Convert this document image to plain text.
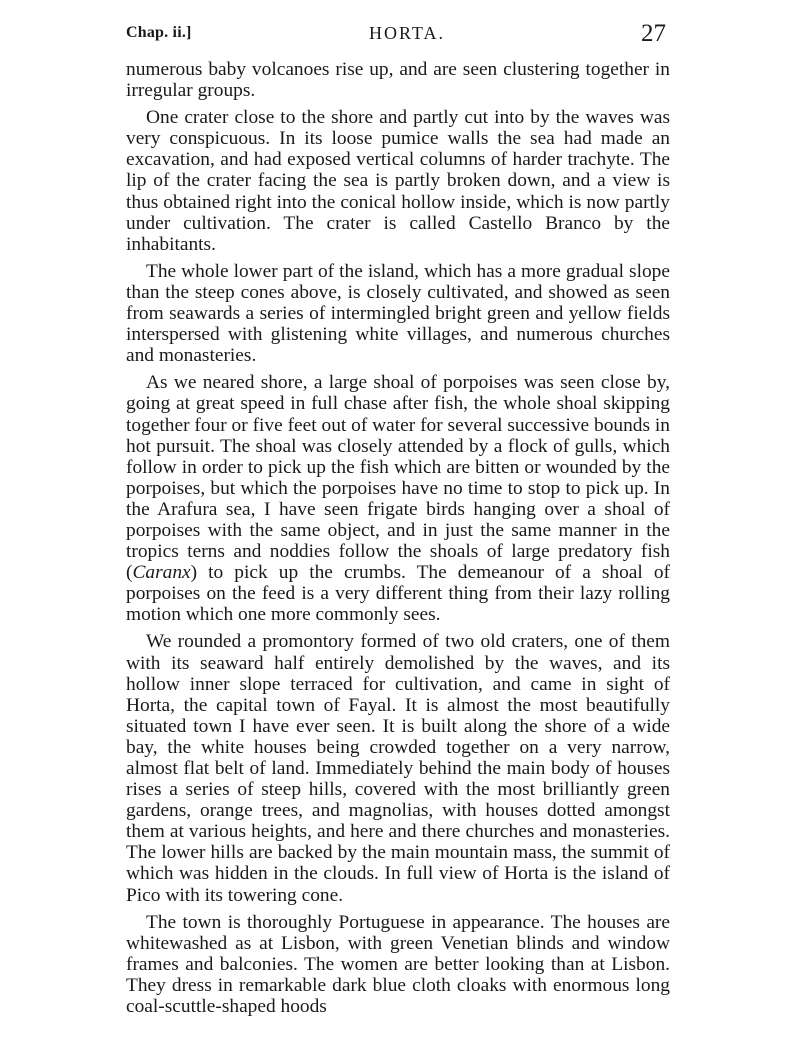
Chap. ii.]	HORTA.	27

numerous baby volcanoes rise up, and are seen clustering together in irregular groups.

One crater close to the shore and partly cut into by the waves was very conspicuous. In its loose pumice walls the sea had made an excavation, and had exposed vertical columns of harder trachyte. The lip of the crater facing the sea is partly broken down, and a view is thus obtained right into the conical hollow inside, which is now partly under cultivation. The crater is called Castello Branco by the inhabitants.

The whole lower part of the island, which has a more gradual slope than the steep cones above, is closely cultivated, and showed as seen from seawards a series of intermingled bright green and yellow fields interspersed with glistening white villages, and numerous churches and monasteries.

As we neared shore, a large shoal of porpoises was seen close by, going at great speed in full chase after fish, the whole shoal skipping together four or five feet out of water for several successive bounds in hot pursuit. The shoal was closely attended by a flock of gulls, which follow in order to pick up the fish which are bitten or wounded by the porpoises, but which the porpoises have no time to stop to pick up. In the Arafura sea, I have seen frigate birds hanging over a shoal of porpoises with the same object, and in just the same manner in the tropics terns and noddies follow the shoals of large predatory fish (Caranx) to pick up the crumbs. The demeanour of a shoal of porpoises on the feed is a very different thing from their lazy rolling motion which one more commonly sees.

We rounded a promontory formed of two old craters, one of them with its seaward half entirely demolished by the waves, and its hollow inner slope terraced for cultivation, and came in sight of Horta, the capital town of Fayal. It is almost the most beautifully situated town I have ever seen. It is built along the shore of a wide bay, the white houses being crowded together on a very narrow, almost flat belt of land. Immediately behind the main body of houses rises a series of steep hills, covered with the most brilliantly green gardens, orange trees, and magnolias, with houses dotted amongst them at various heights, and here and there churches and monasteries. The lower hills are backed by the main mountain mass, the summit of which was hidden in the clouds. In full view of Horta is the island of Pico with its towering cone.

The town is thoroughly Portuguese in appearance. The houses are whitewashed as at Lisbon, with green Venetian blinds and window frames and balconies. The women are better looking than at Lisbon. They dress in remarkable dark blue cloth cloaks with enormous long coal-scuttle-shaped hoods
